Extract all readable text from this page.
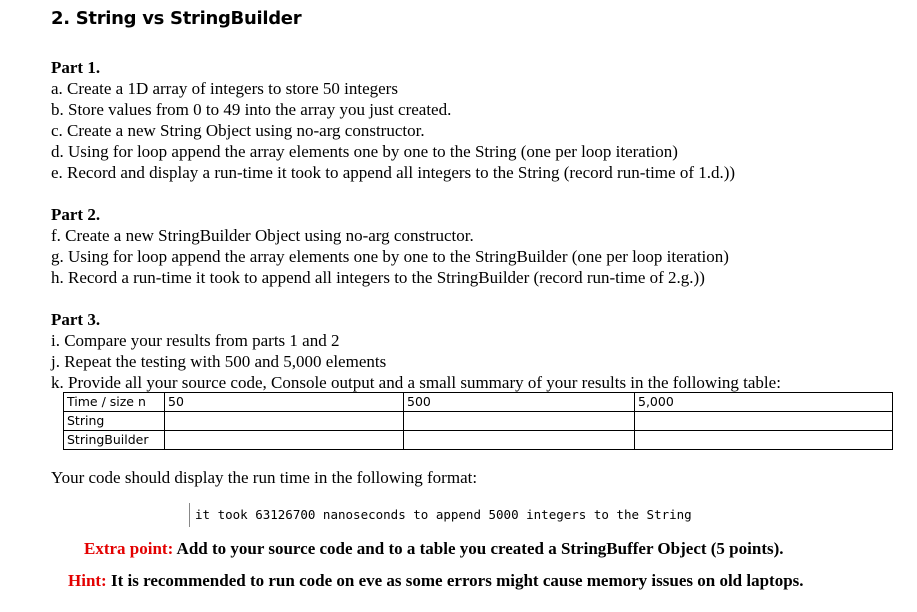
2. String vs StringBuilder
Part 1.
a. Create a 1D array of integers to store 50 integers
b. Store values from 0 to 49 into the array you just created.
c. Create a new String Object using no-arg constructor.
d. Using for loop append the array elements one by one to the String (one per loop iteration)
e. Record and display a run-time it took to append all integers to the String (record run-time of 1.d.))
Part 2.
f. Create a new StringBuilder Object using no-arg constructor.
g. Using for loop append the array elements one by one to the StringBuilder (one per loop iteration)
h. Record a run-time it took to append all integers to the StringBuilder (record run-time of 2.g.))
Part 3.
i. Compare your results from parts 1 and 2
j. Repeat the testing with 500 and 5,000 elements
k. Provide all your source code, Console output and a small summary of your results in the following table:
Time / size n	50	500	5,000
String			
StringBuilder			
Your code should display the run time in the following format:
it took 63126700 nanoseconds to append 5000 integers to the String
Extra point: Add to your source code and to a table you created a StringBuffer Object (5 points).
Hint: It is recommended to run code on eve as some errors might cause memory issues on old laptops.
